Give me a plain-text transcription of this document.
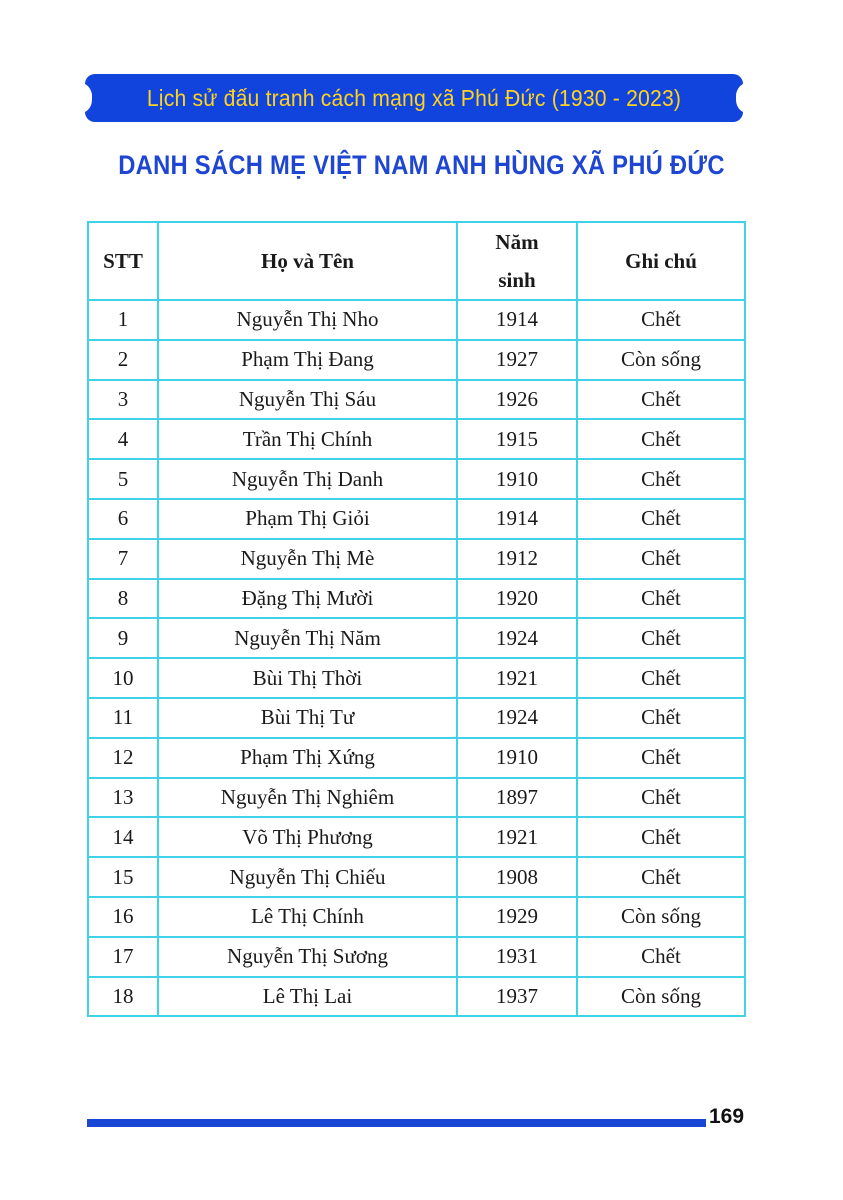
Lịch sử đấu tranh cách mạng xã Phú Đức (1930 - 2023)
DANH SÁCH MẸ VIỆT NAM ANH HÙNG XÃ PHÚ ĐỨC
STT	Họ và Tên	Năm sinh	Ghi chú
1	Nguyễn Thị Nho	1914	Chết
2	Phạm Thị Đang	1927	Còn sống
3	Nguyễn Thị Sáu	1926	Chết
4	Trần Thị Chính	1915	Chết
5	Nguyễn Thị Danh	1910	Chết
6	Phạm Thị Giỏi	1914	Chết
7	Nguyễn Thị Mè	1912	Chết
8	Đặng Thị Mười	1920	Chết
9	Nguyễn Thị Năm	1924	Chết
10	Bùi Thị Thời	1921	Chết
11	Bùi Thị Tư	1924	Chết
12	Phạm Thị Xứng	1910	Chết
13	Nguyễn Thị Nghiêm	1897	Chết
14	Võ Thị Phương	1921	Chết
15	Nguyễn Thị Chiếu	1908	Chết
16	Lê Thị Chính	1929	Còn sống
17	Nguyễn Thị Sương	1931	Chết
18	Lê Thị Lai	1937	Còn sống
169
